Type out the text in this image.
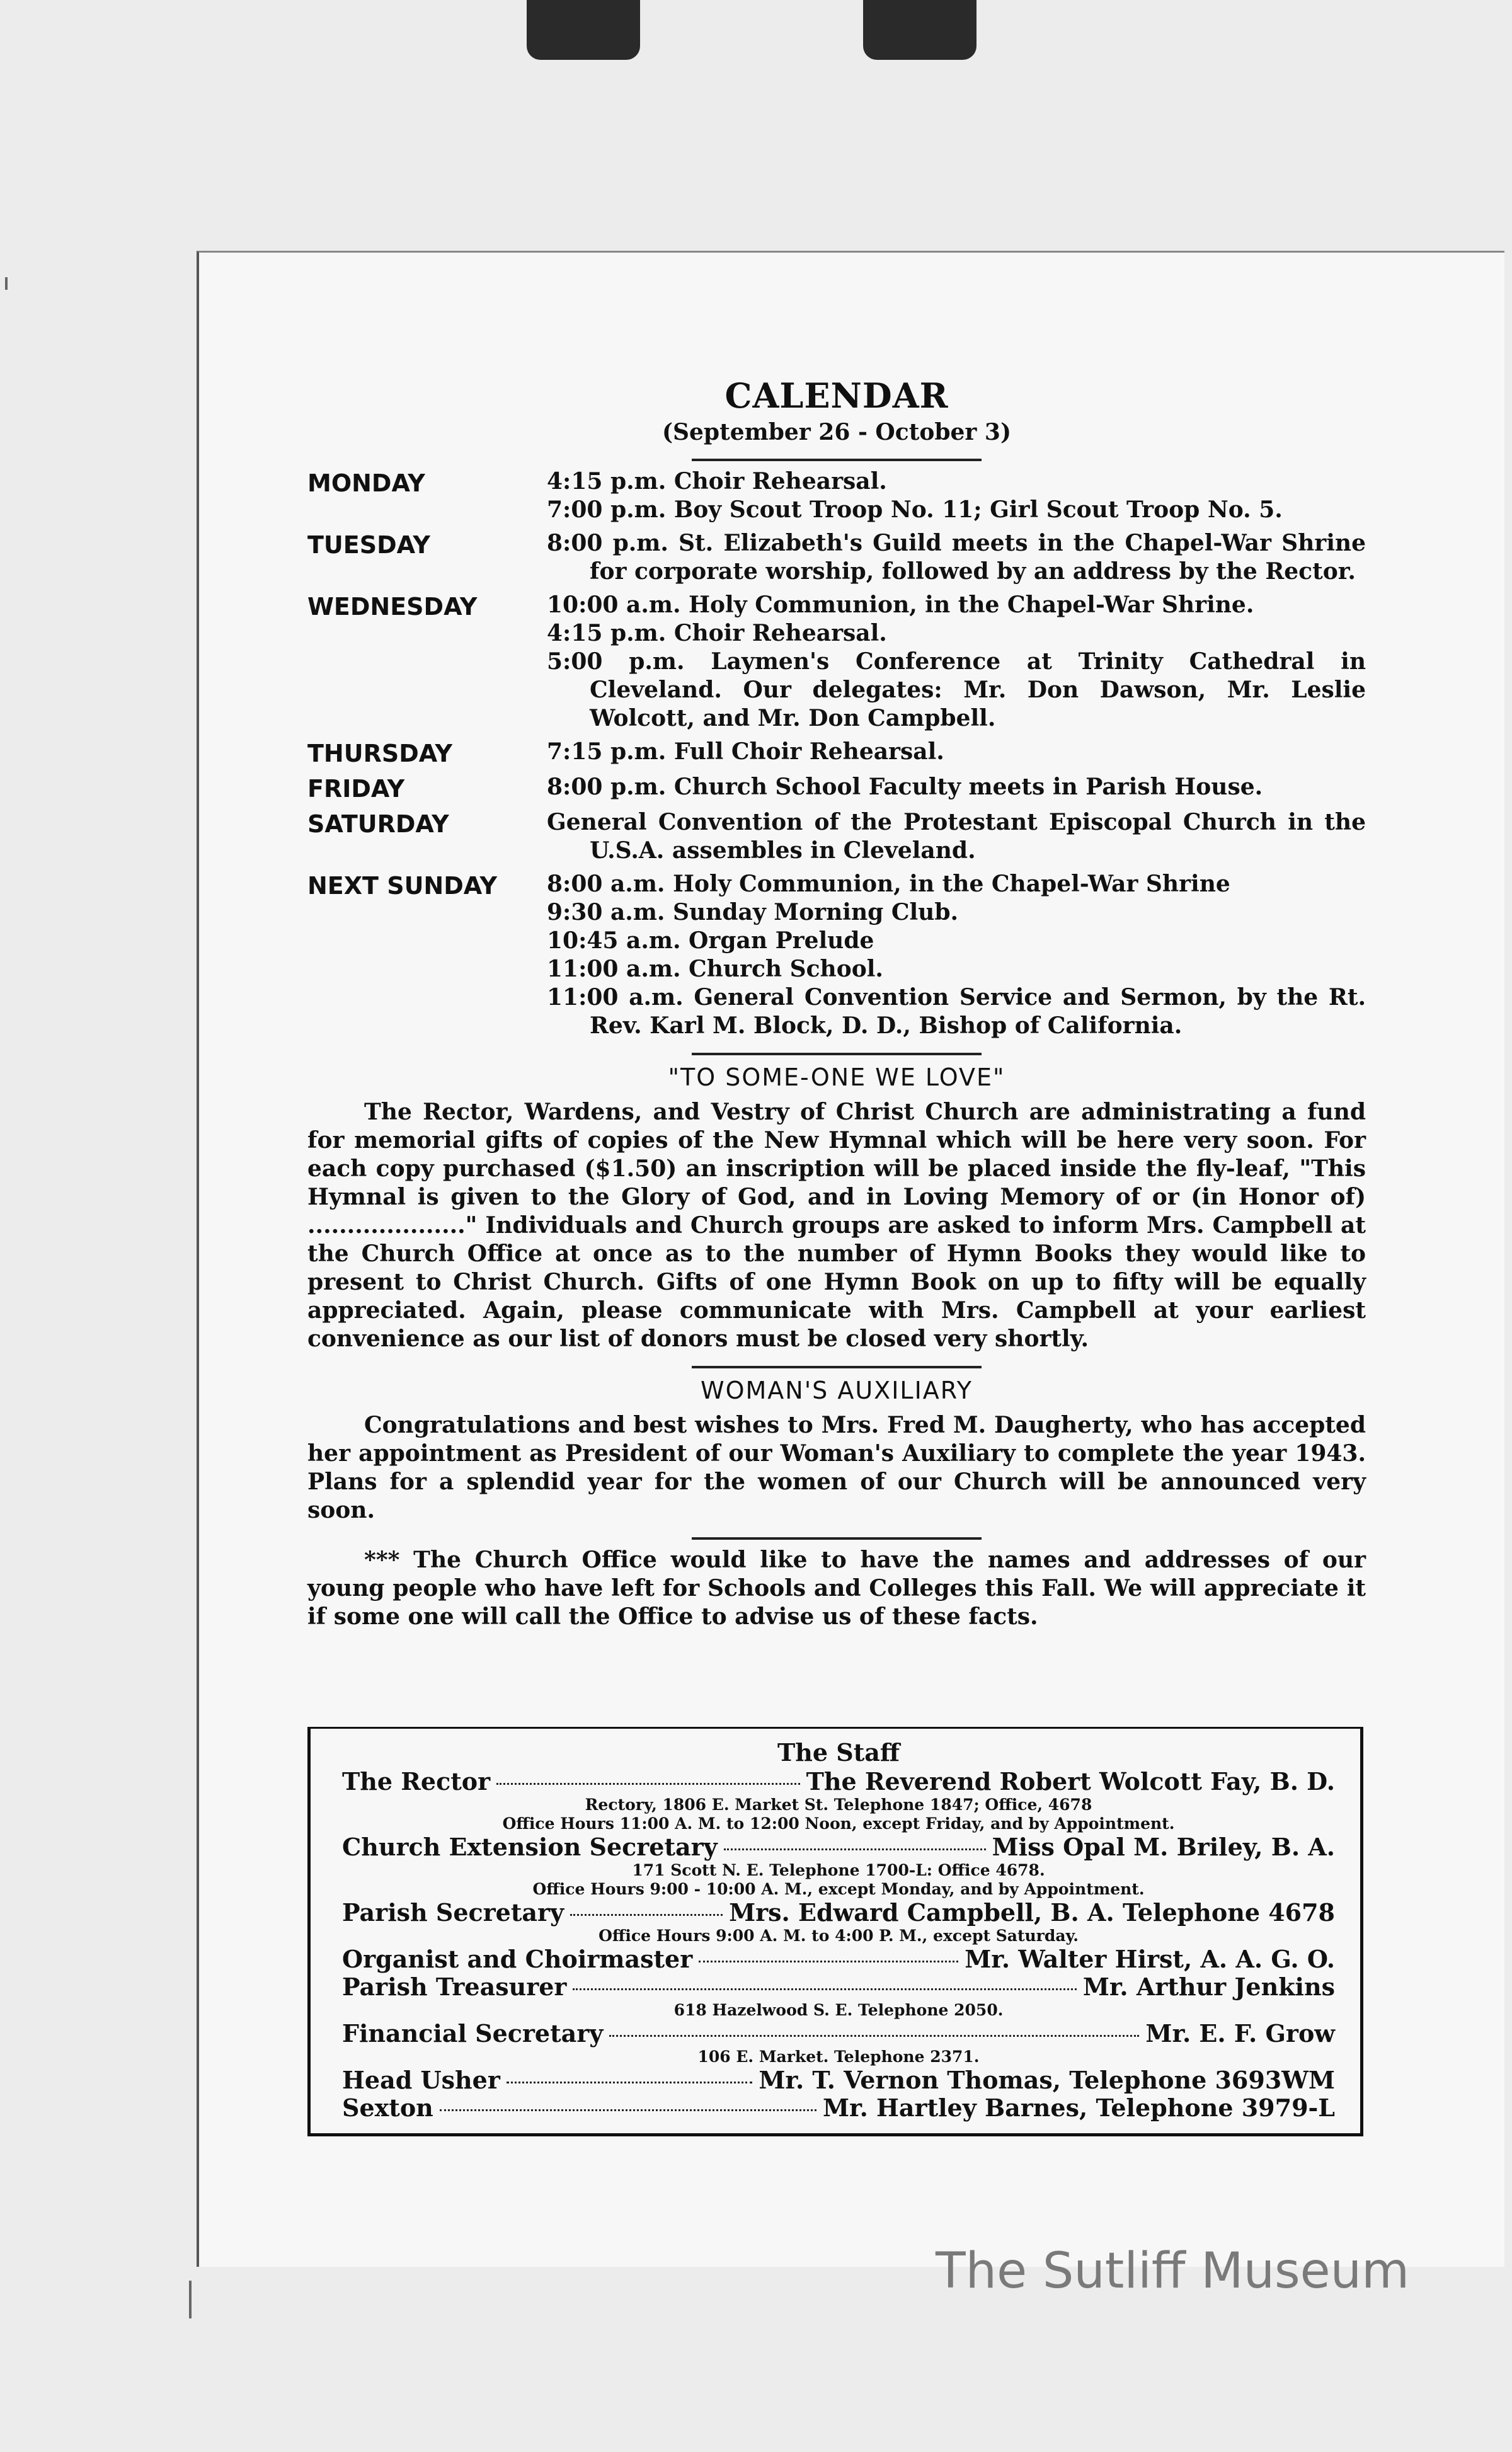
CALENDAR

(September 26 - October 3)

MONDAY	4:15 p.m. Choir Rehearsal.
7:00 p.m. Boy Scout Troop No. 11; Girl Scout Troop No. 5.
TUESDAY	8:00 p.m. St. Elizabeth's Guild meets in the Chapel-War Shrine for corporate worship, followed by an address by the Rector.
WEDNESDAY	10:00 a.m. Holy Communion, in the Chapel-War Shrine.
4:15 p.m. Choir Rehearsal.
5:00 p.m. Laymen's Conference at Trinity Cathedral in Cleveland. Our delegates: Mr. Don Dawson, Mr. Leslie Wolcott, and Mr. Don Campbell.
THURSDAY	7:15 p.m. Full Choir Rehearsal.
FRIDAY	8:00 p.m. Church School Faculty meets in Parish House.
SATURDAY	General Convention of the Protestant Episcopal Church in the U.S.A. assembles in Cleveland.
NEXT SUNDAY	8:00 a.m. Holy Communion, in the Chapel-War Shrine
9:30 a.m. Sunday Morning Club.
10:45 a.m. Organ Prelude
11:00 a.m. Church School.
11:00 a.m. General Convention Service and Sermon, by the Rt. Rev. Karl M. Block, D. D., Bishop of California.
"TO SOME-ONE WE LOVE"

The Rector, Wardens, and Vestry of Christ Church are administrating a fund for memorial gifts of copies of the New Hymnal which will be here very soon. For each copy purchased ($1.50) an inscription will be placed inside the fly-leaf, "This Hymnal is given to the Glory of God, and in Loving Memory of or (in Honor of) ...................." Individuals and Church groups are asked to inform Mrs. Campbell at the Church Office at once as to the number of Hymn Books they would like to present to Christ Church. Gifts of one Hymn Book on up to fifty will be equally appreciated. Again, please communicate with Mrs. Campbell at your earliest convenience as our list of donors must be closed very shortly.

WOMAN'S AUXILIARY

Congratulations and best wishes to Mrs. Fred M. Daugherty, who has accepted her appointment as President of our Woman's Auxiliary to complete the year 1943. Plans for a splendid year for the women of our Church will be announced very soon.

*** The Church Office would like to have the names and addresses of our young people who have left for Schools and Colleges this Fall. We will appreciate it if some one will call the Office to advise us of these facts.

The Staff

The Rector	The Reverend Robert Wolcott Fay, B. D.
Rectory, 1806 E. Market St. Telephone 1847; Office, 4678
Office Hours 11:00 A. M. to 12:00 Noon, except Friday, and by Appointment.
Church Extension Secretary	Miss Opal M. Briley, B. A.
171 Scott N. E. Telephone 1700-L: Office 4678.
Office Hours 9:00 - 10:00 A. M., except Monday, and by Appointment.
Parish Secretary	Mrs. Edward Campbell, B. A. Telephone 4678
Office Hours 9:00 A. M. to 4:00 P. M., except Saturday.
Organist and Choirmaster	Mr. Walter Hirst, A. A. G. O.
Parish Treasurer	Mr. Arthur Jenkins
618 Hazelwood S. E. Telephone 2050.
Financial Secretary	Mr. E. F. Grow
106 E. Market. Telephone 2371.
Head Usher	Mr. T. Vernon Thomas, Telephone 3693WM
Sexton	Mr. Hartley Barnes, Telephone 3979-L
The Sutliff Museum
